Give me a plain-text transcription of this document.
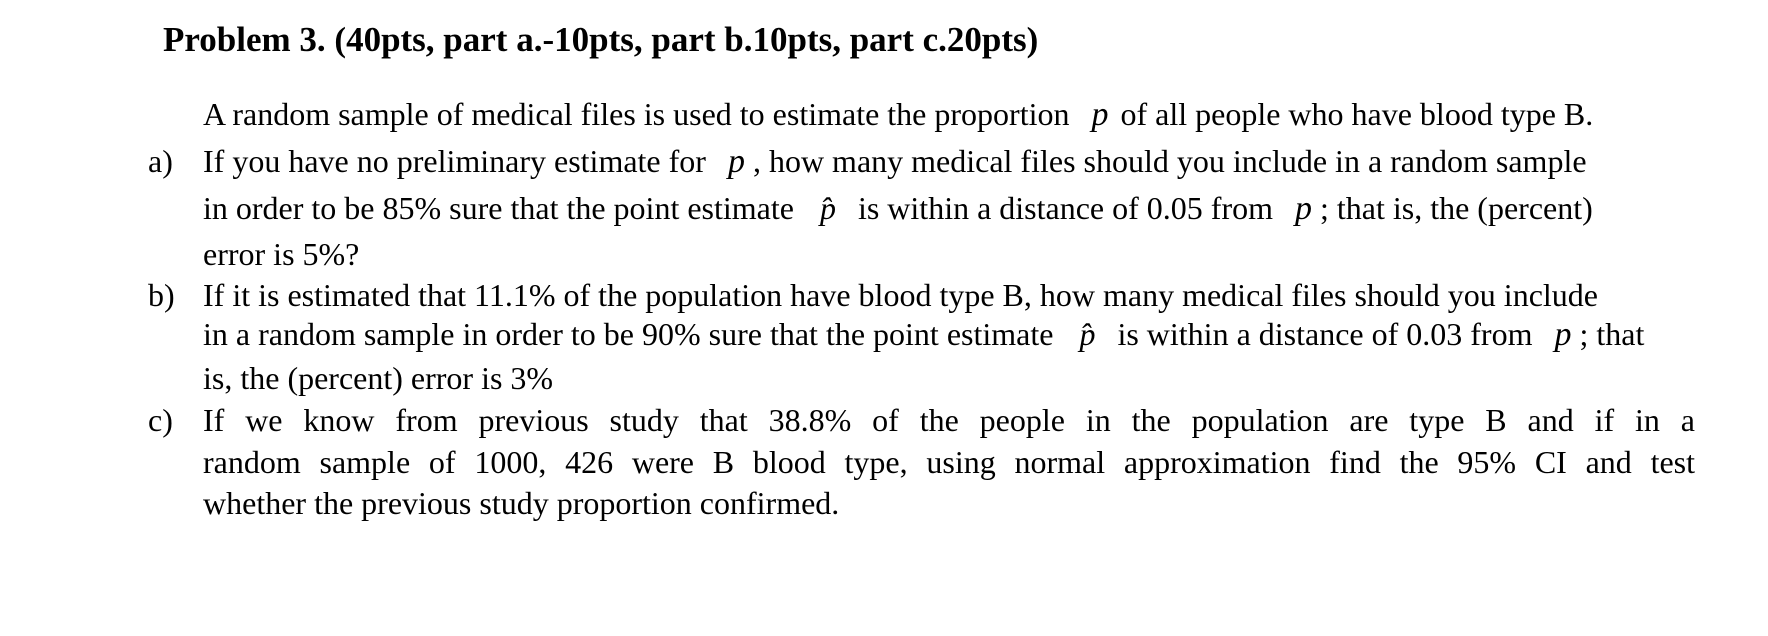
Problem 3. (40pts, part a.-10pts, part b.10pts, part c.20pts)
A random sample of medical files is used to estimate the proportion p of all people who have blood type B.
a) If you have no preliminary estimate for p , how many medical files should you include in a random sample
in order to be 85% sure that the point estimate p̂ is within a distance of 0.05 from p ; that is, the (percent)
error is 5%?
b) If it is estimated that 11.1% of the population have blood type B, how many medical files should you include
in a random sample in order to be 90% sure that the point estimate p̂ is within a distance of 0.03 from p ; that
is, the (percent) error is 3%
c) If we know from previous study that 38.8% of the people in the population are type B and if in a
random sample of 1000, 426 were B blood type, using normal approximation find the 95% CI and test
whether the previous study proportion confirmed.
